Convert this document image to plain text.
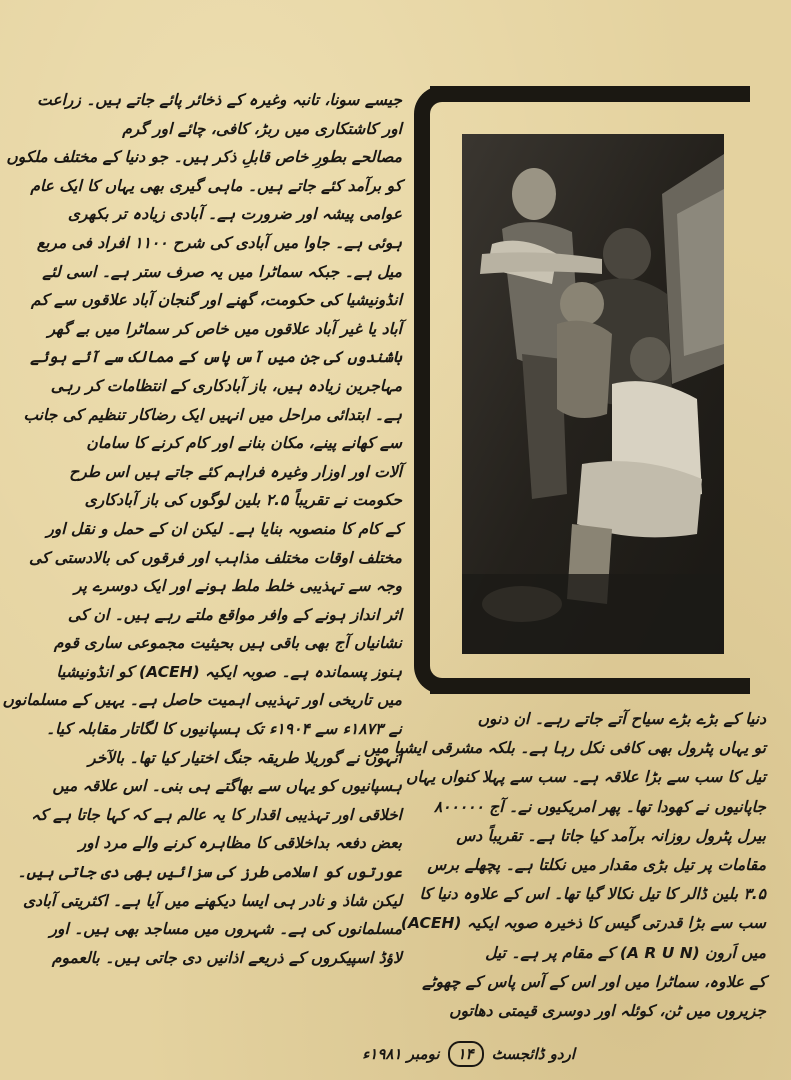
جیسے سونا، تانبہ وغیرہ کے ذخائر پائے جاتے ہیں۔ زراعت
اور کاشتکاری میں ربڑ، کافی، چائے اور گرم
مصالحے بطورِ خاص قابلِ ذکر ہیں۔ جو دنیا کے مختلف ملکوں
کو برآمد کئے جاتے ہیں۔ ماہی گیری بھی یہاں کا ایک عام
عوامی پیشہ اور ضرورت ہے۔ آبادی زیادہ تر بکھری
ہوئی ہے۔ جاوا میں آبادی کی شرح ۱۱۰۰ افراد فی مربع
میل ہے۔ جبکہ سماٹرا میں یہ صرف ستر ہے۔ اسی لئے
انڈونیشیا کی حکومت، گھنے اور گنجان آباد علاقوں سے کم
آباد یا غیر آباد علاقوں میں خاص کر سماٹرا میں بے گھر
باشندوں کی جن میں آس پاس کے ممالک سے آئے ہوئے
مہاجرین زیادہ ہیں، باز آبادکاری کے انتظامات کر رہی
ہے۔ ابتدائی مراحل میں انہیں ایک رضاکار تنظیم کی جانب
سے کھانے پینے، مکان بنانے اور کام کرنے کا سامان
آلات اور اوزار وغیرہ فراہم کئے جاتے ہیں اس طرح
حکومت نے تقریباً ۲.۵ بلین لوگوں کی باز آبادکاری
کے کام کا منصوبہ بنایا ہے۔ لیکن ان کے حمل و نقل اور
مختلف اوقات مختلف مذاہب اور فرقوں کی بالادستی کی
وجہ سے تہذیبی خلط ملط ہونے اور ایک دوسرے پر
اثر انداز ہونے کے وافر مواقع ملتے رہے ہیں۔ ان کی
نشانیاں آج بھی باقی ہیں بحیثیت مجموعی ساری قوم
ہنوز پسماندہ ہے۔ صوبہ ایکیہ (ACEH) کو انڈونیشیا
میں تاریخی اور تہذیبی اہمیت حاصل ہے۔ یہیں کے مسلمانوں
نے ۱۸۷۳ء سے ۱۹۰۴ء تک ہسپانیوں کا لگاتار مقابلہ کیا۔
انہوں نے گوریلا طریقہ جنگ اختیار کیا تھا۔ بالآخر
ہسپانیوں کو یہاں سے بھاگتے ہی بنی۔ اس علاقہ میں
اخلاقی اور تہذیبی اقدار کا یہ عالم ہے کہ کہا جاتا ہے کہ
بعض دفعہ بداخلاقی کا مظاہرہ کرنے والے مرد اور
عورتوں کو اسلامی طرز کی سزائیں بھی دی جاتی ہیں۔
لیکن شاذ و نادر ہی ایسا دیکھنے میں آیا ہے۔ اکثریتی آبادی
مسلمانوں کی ہے۔ شہروں میں مساجد بھی ہیں۔ اور
لاؤڈ اسپیکروں کے ذریعے اذانیں دی جاتی ہیں۔ بالعموم
دنیا کے بڑے بڑے سیاح آتے جاتے رہے۔ ان دنوں
تو یہاں پٹرول بھی کافی نکل رہا ہے۔ بلکہ مشرقی ایشیا میں
تیل کا سب سے بڑا علاقہ ہے۔ سب سے پہلا کنواں یہاں
جاپانیوں نے کھودا تھا۔ پھر امریکیوں نے۔ آج ۸۰۰۰۰۰
بیرل پٹرول روزانہ برآمد کیا جاتا ہے۔ تقریباً دس
مقامات پر تیل بڑی مقدار میں نکلتا ہے۔ پچھلے برس
۳.۵ بلین ڈالر کا تیل نکالا گیا تھا۔ اس کے علاوہ دنیا کا
سب سے بڑا قدرتی گیس کا ذخیرہ صوبہ ایکیہ (ACEH)
میں اَرون (A R U N) کے مقام پر ہے۔ تیل
کے علاوہ، سماٹرا میں اور اس کے آس پاس کے چھوٹے
جزیروں میں ٹن، کوئلہ اور دوسری قیمتی دھاتوں
اردو ڈائجسٹ
۱۴
نومبر ۱۹۸۱ء
